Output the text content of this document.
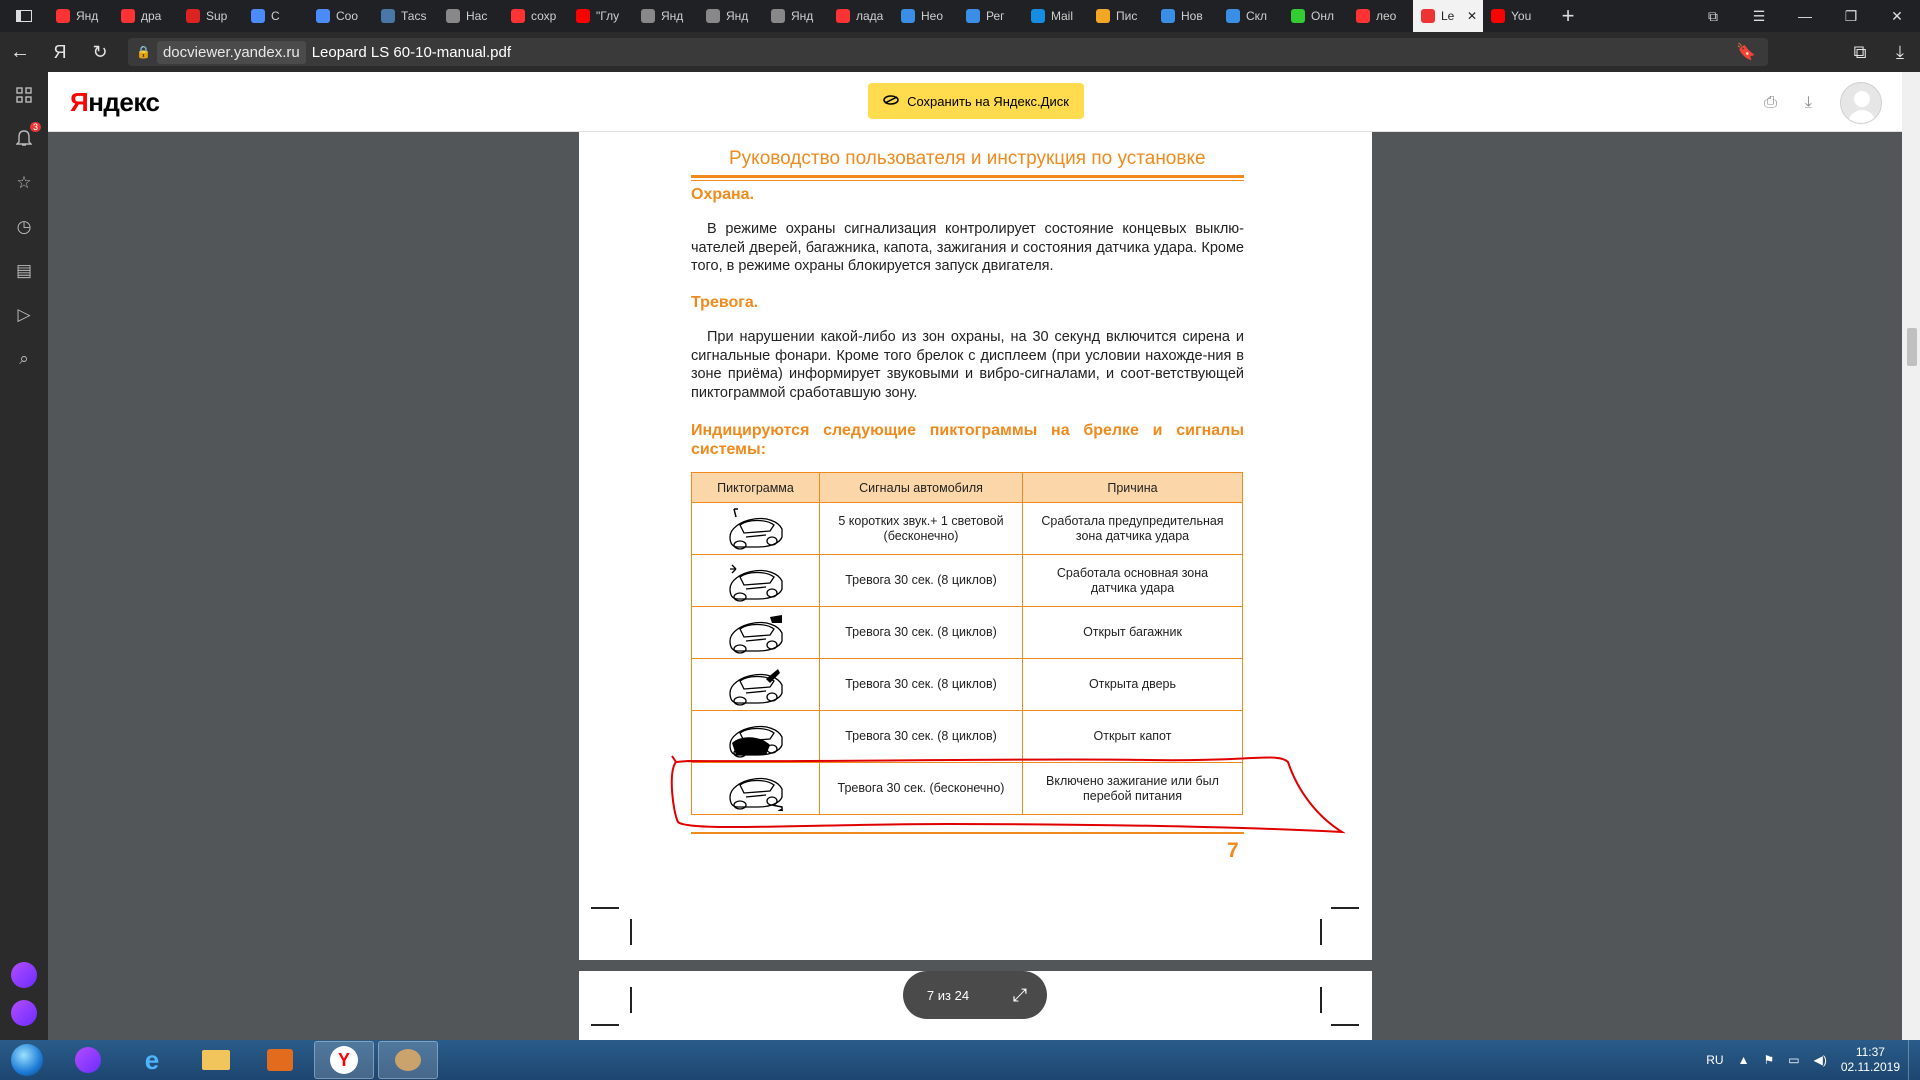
Янд	дра	Sup	С	Соо	Тасs	Нас	сохр	"Глу	Янд	Янд	Янд	лада	Нео	Рег	Mail	Пис	Нов	Скл	Онл	лео	Le ✕	You	+	⧉	☰	—	❐	✕
←	Я	↻	🔒 docviewer.yandex.ru Leopard LS 60-10-manual.pdf	🔖	⧉	⤓
3
☆
◷
▤
▷
⌕
Яндекс	Сохранить на Яндекс.Диск	⎙ ⤓
Руководство пользователя и инструкция по установке
Охрана.
В режиме охраны сигнализация контролирует состояние концевых выклю-чателей дверей, багажника, капота, зажигания и состояния датчика удара. Кроме того, в режиме охраны блокируется запуск двигателя.
Тревога.
При нарушении какой-либо из зон охраны, на 30 секунд включится сирена и сигнальные фонари. Кроме того брелок с дисплеем (при условии нахожде-ния в зоне приёма) информирует звуковыми и вибро-сигналами, и соот-ветствующей пиктограммой сработавшую зону.
Индицируются следующие пиктограммы на брелке и сигналы системы:
Пиктограмма	Сигналы автомобиля	Причина

	5 коротких звук.+ 1 световой (бесконечно)	Сработала предупредительная зона датчика удара

	Тревога 30 сек. (8 циклов)	Сработала основная зона датчика удара

	Тревога 30 сек. (8 циклов)	Открыт багажник

	Тревога 30 сек. (8 циклов)	Открыта дверь

	Тревога 30 сек. (8 циклов)	Открыт капот

	Тревога 30 сек. (бесконечно)	Включено зажигание или был перебой питания
7
7 из 24	⤢
e	Y	RU ▲ ⚑ ▭ ◀)
11:37
02.11.2019
